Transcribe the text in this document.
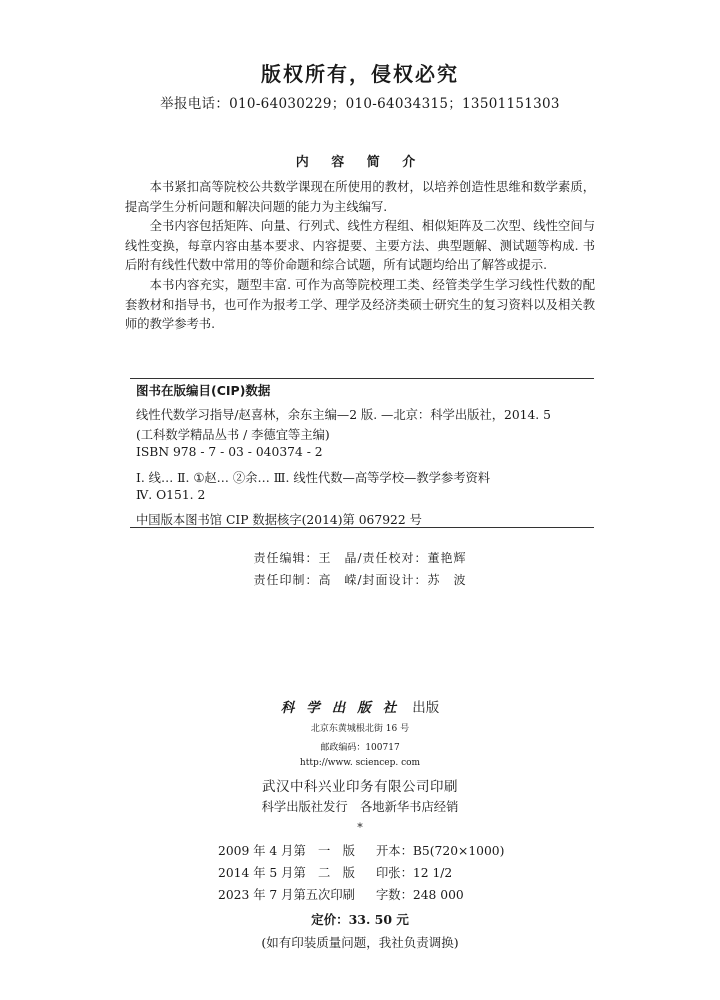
版权所有，侵权必究
举报电话：010-64030229；010-64034315；13501151303
内 容 简 介

本书紧扣高等院校公共数学课现在所使用的教材，以培养创造性思维和数学素质，提高学生分析问题和解决问题的能力为主线编写.

全书内容包括矩阵、向量、行列式、线性方程组、相似矩阵及二次型、线性空间与线性变换，每章内容由基本要求、内容提要、主要方法、典型题解、测试题等构成. 书后附有线性代数中常用的等价命题和综合试题，所有试题均给出了解答或提示.

本书内容充实，题型丰富. 可作为高等院校理工类、经管类学生学习线性代数的配套教材和指导书，也可作为报考工学、理学及经济类硕士研究生的复习资料以及相关教师的教学参考书.

图书在版编目(CIP)数据
线性代数学习指导/赵喜林，余东主编—2 版. —北京：科学出版社，2014. 5
(工科数学精品丛书 / 李德宜等主编)
ISBN 978 - 7 - 03 - 040374 - 2
Ⅰ. 线… Ⅱ. ①赵… ②余… Ⅲ. 线性代数—高等学校—教学参考资料
Ⅳ. O151. 2
中国版本图书馆 CIP 数据核字(2014)第 067922 号
责任编辑：王　晶/责任校对：董艳辉
责任印制：高　嵘/封面设计：苏　波
科学出版社 出版
北京东黄城根北街 16 号
邮政编码：100717
http://www. sciencep. com
武汉中科兴业印务有限公司印刷
科学出版社发行　各地新华书店经销
*
2009 年 4 月第　一　版 开本：B5(720×1000)
2014 年 5 月第　二　版 印张：12 1/2
2023 年 7 月第五次印刷 字数：248 000
定价：33. 50 元
(如有印装质量问题，我社负责调换)
